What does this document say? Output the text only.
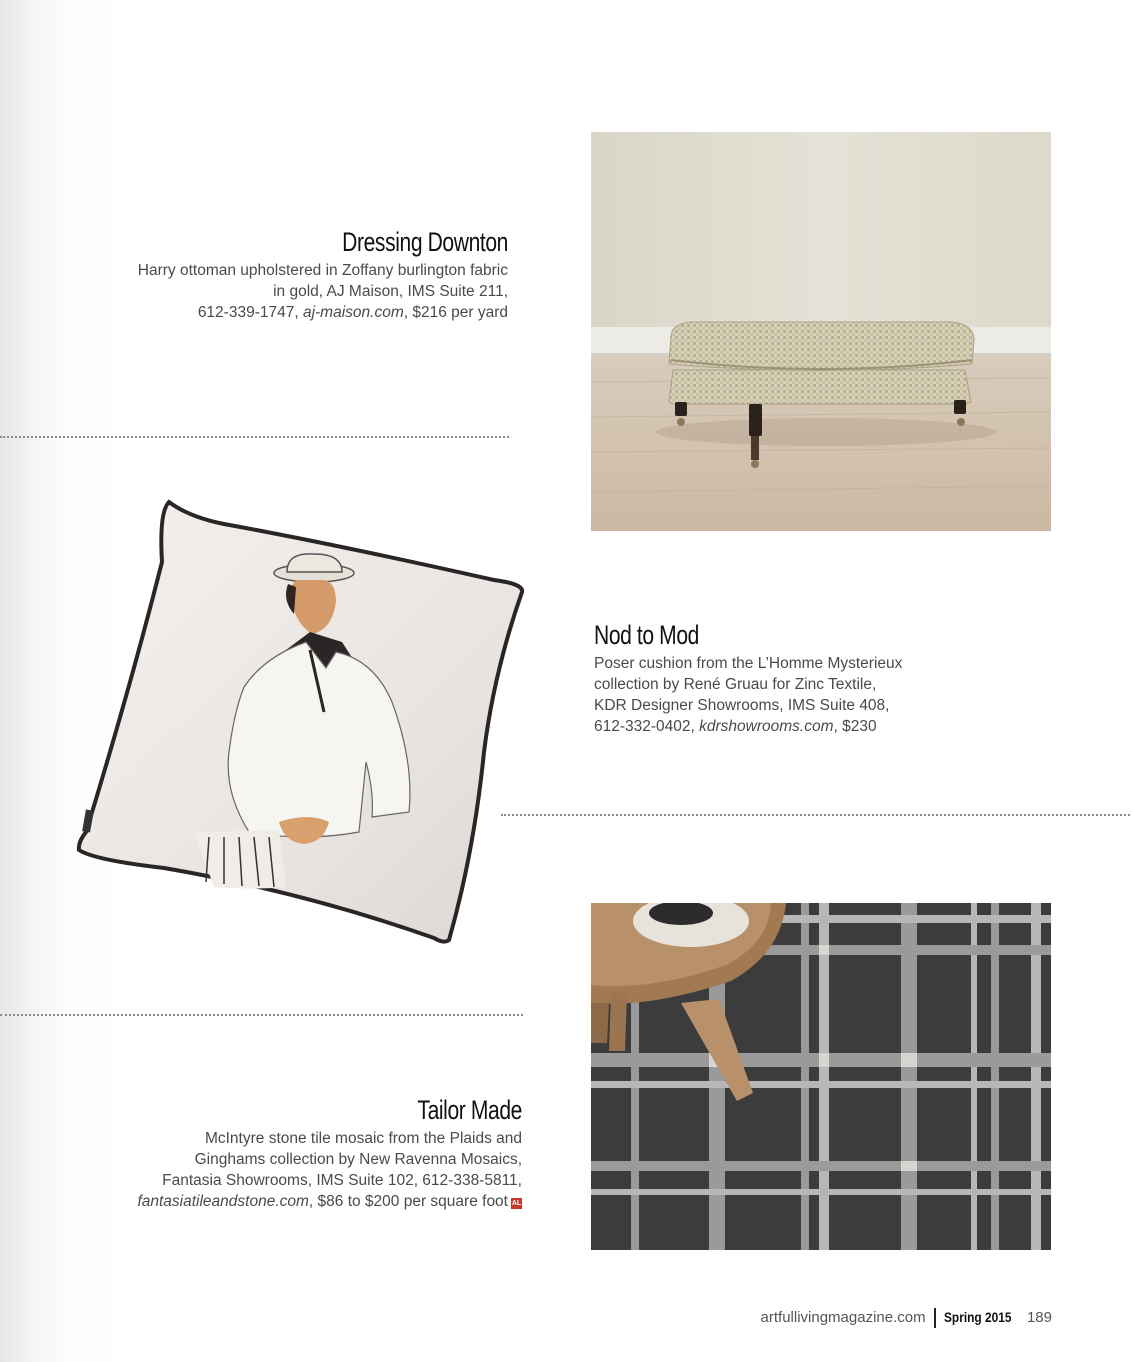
Dressing Downton
Harry ottoman upholstered in Zoffany burlington fabric
in gold, AJ Maison, IMS Suite 211,
612-339-1747, aj-maison.com, $216 per yard
Nod to Mod
Poser cushion from the L’Homme Mysterieux
collection by René Gruau for Zinc Textile,
KDR Designer Showrooms, IMS Suite 408,
612-332-0402, kdrshowrooms.com, $230
Tailor Made
McIntyre stone tile mosaic from the Plaids and
Ginghams collection by New Ravenna Mosaics,
Fantasia Showrooms, IMS Suite 102, 612-338-5811,
fantasiatileandstone.com, $86 to $200 per square foot AL
artfullivingmagazine.com Spring 2015 189
